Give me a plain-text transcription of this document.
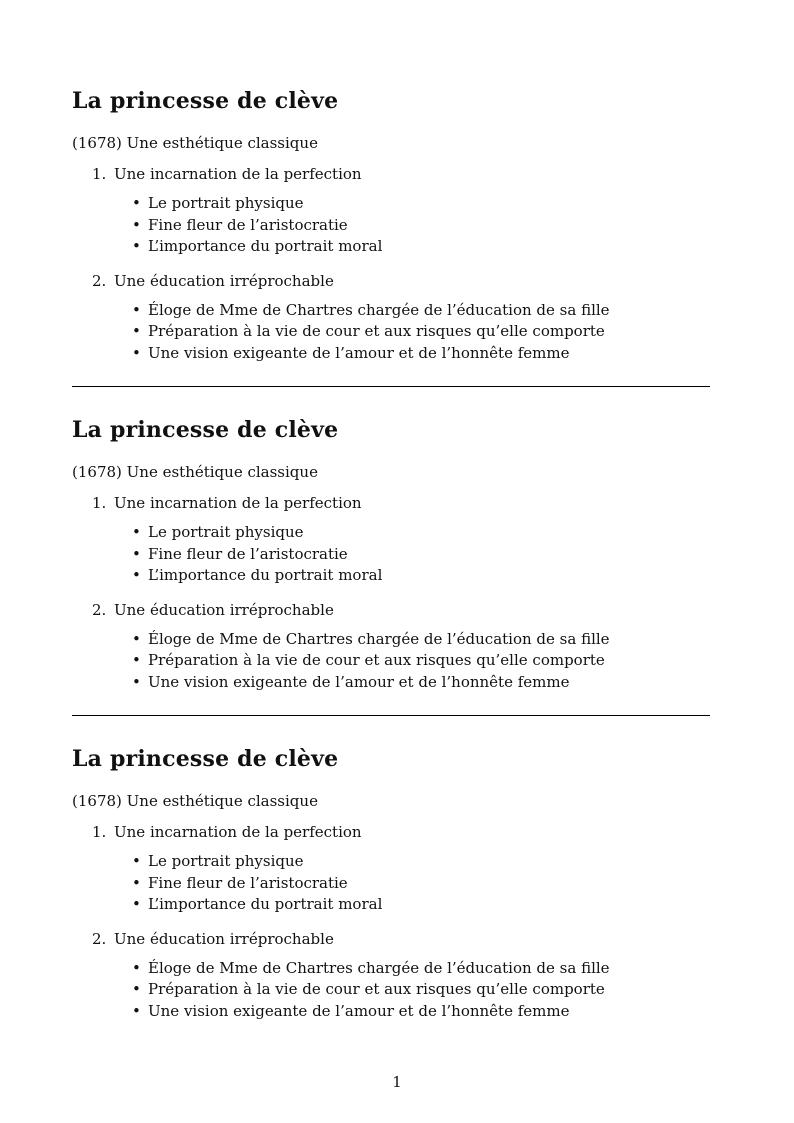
La princesse de clève
(1678) Une esthétique classique
1. Une incarnation de la perfection
• Le portrait physique
• Fine fleur de l’aristocratie
• L’importance du portrait moral
2. Une éducation irréprochable
• Éloge de Mme de Chartres chargée de l’éducation de sa fille
• Préparation à la vie de cour et aux risques qu’elle comporte
• Une vision exigeante de l’amour et de l’honnête femme
La princesse de clève
(1678) Une esthétique classique
1. Une incarnation de la perfection
• Le portrait physique
• Fine fleur de l’aristocratie
• L’importance du portrait moral
2. Une éducation irréprochable
• Éloge de Mme de Chartres chargée de l’éducation de sa fille
• Préparation à la vie de cour et aux risques qu’elle comporte
• Une vision exigeante de l’amour et de l’honnête femme
La princesse de clève
(1678) Une esthétique classique
1. Une incarnation de la perfection
• Le portrait physique
• Fine fleur de l’aristocratie
• L’importance du portrait moral
2. Une éducation irréprochable
• Éloge de Mme de Chartres chargée de l’éducation de sa fille
• Préparation à la vie de cour et aux risques qu’elle comporte
• Une vision exigeante de l’amour et de l’honnête femme
1
